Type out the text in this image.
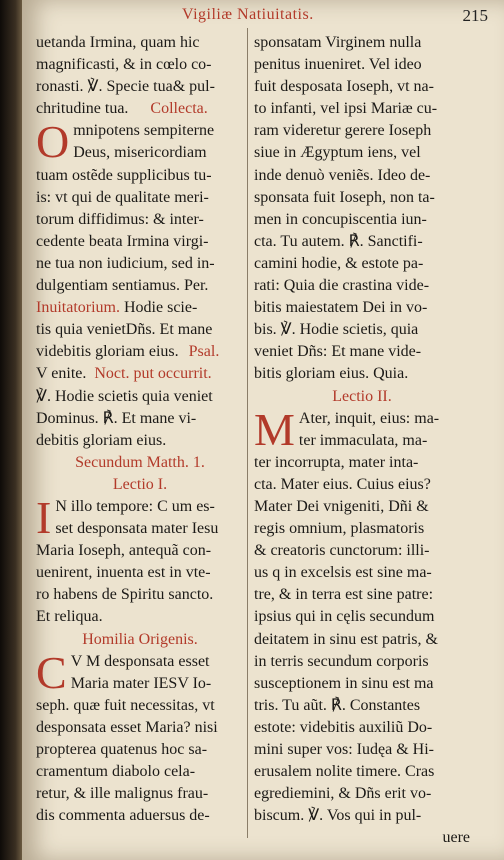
Vigiliæ Natiuitatis.	215
uetanda Irmina, quam hic
magnificasti, & in cœlo co-
ronasti. ℣. Specie tua& pul-
chritudine tua. Collecta.
O mnipotens sempiterne
Deus, misericordiam
tuam ostẽde supplicibus tu-
is: vt qui de qualitate meri-
torum diffidimus: & inter-
cedente beata Irmina virgi-
ne tua non iudicium, sed in-
dulgentiam sentiamus. Per.
Inuitatorium. Hodie scie-
tis quia venietDñs. Et mane
videbitis gloriam eius. Psal.
V enite. Noct. put occurrit.
℣. Hodie scietis quia veniet
Dominus. ℟. Et mane vi-
debitis gloriam eius.
Secundum Matth. 1.
Lectio I.
I N illo tempore: C um es-
set desponsata mater Iesu
Maria Ioseph, antequã con-
uenirent, inuenta est in vte-
ro habens de Spiritu sancto.
Et reliqua.
Homilia Origenis.
C V M desponsata esset
Maria mater IESV Io-
seph. quæ fuit necessitas, vt
desponsata esset Maria? nisi
propterea quatenus hoc sa-
cramentum diabolo cela-
retur, & ille malignus frau-
dis commenta aduersus de-
sponsatam Virginem nulla
penitus inueniret. Vel ideo
fuit desposata Ioseph, vt na-
to infanti, vel ipsi Mariæ cu-
ram videretur gerere Ioseph
siue in Ægyptum iens, vel
inde denuò veniẽs. Ideo de-
sponsata fuit Ioseph, non ta-
men in concupiscentia iun-
cta. Tu autem. ℟. Sanctifi-
camini hodie, & estote pa-
rati: Quia die crastina vide-
bitis maiestatem Dei in vo-
bis. ℣. Hodie scietis, quia
veniet Dñs: Et mane vide-
bitis gloriam eius. Quia.
Lectio II.
M Ater, inquit, eius: ma-
ter immaculata, ma-
ter incorrupta, mater inta-
cta. Mater eius. Cuius eius?
Mater Dei vnigeniti, Dñi &
regis omnium, plasmatoris
& creatoris cunctorum: illi-
us q in excelsis est sine ma-
tre, & in terra est sine patre:
ipsius qui in cęlis secundum
deitatem in sinu est patris, &
in terris secundum corporis
susceptionem in sinu est ma
tris. Tu aũt. ℟. Constantes
estote: videbitis auxiliũ Do-
mini super vos: Iudęa & Hi-
erusalem nolite timere. Cras
egrediemini, & Dñs erit vo-
biscum. ℣. Vos qui in pul-
uere
